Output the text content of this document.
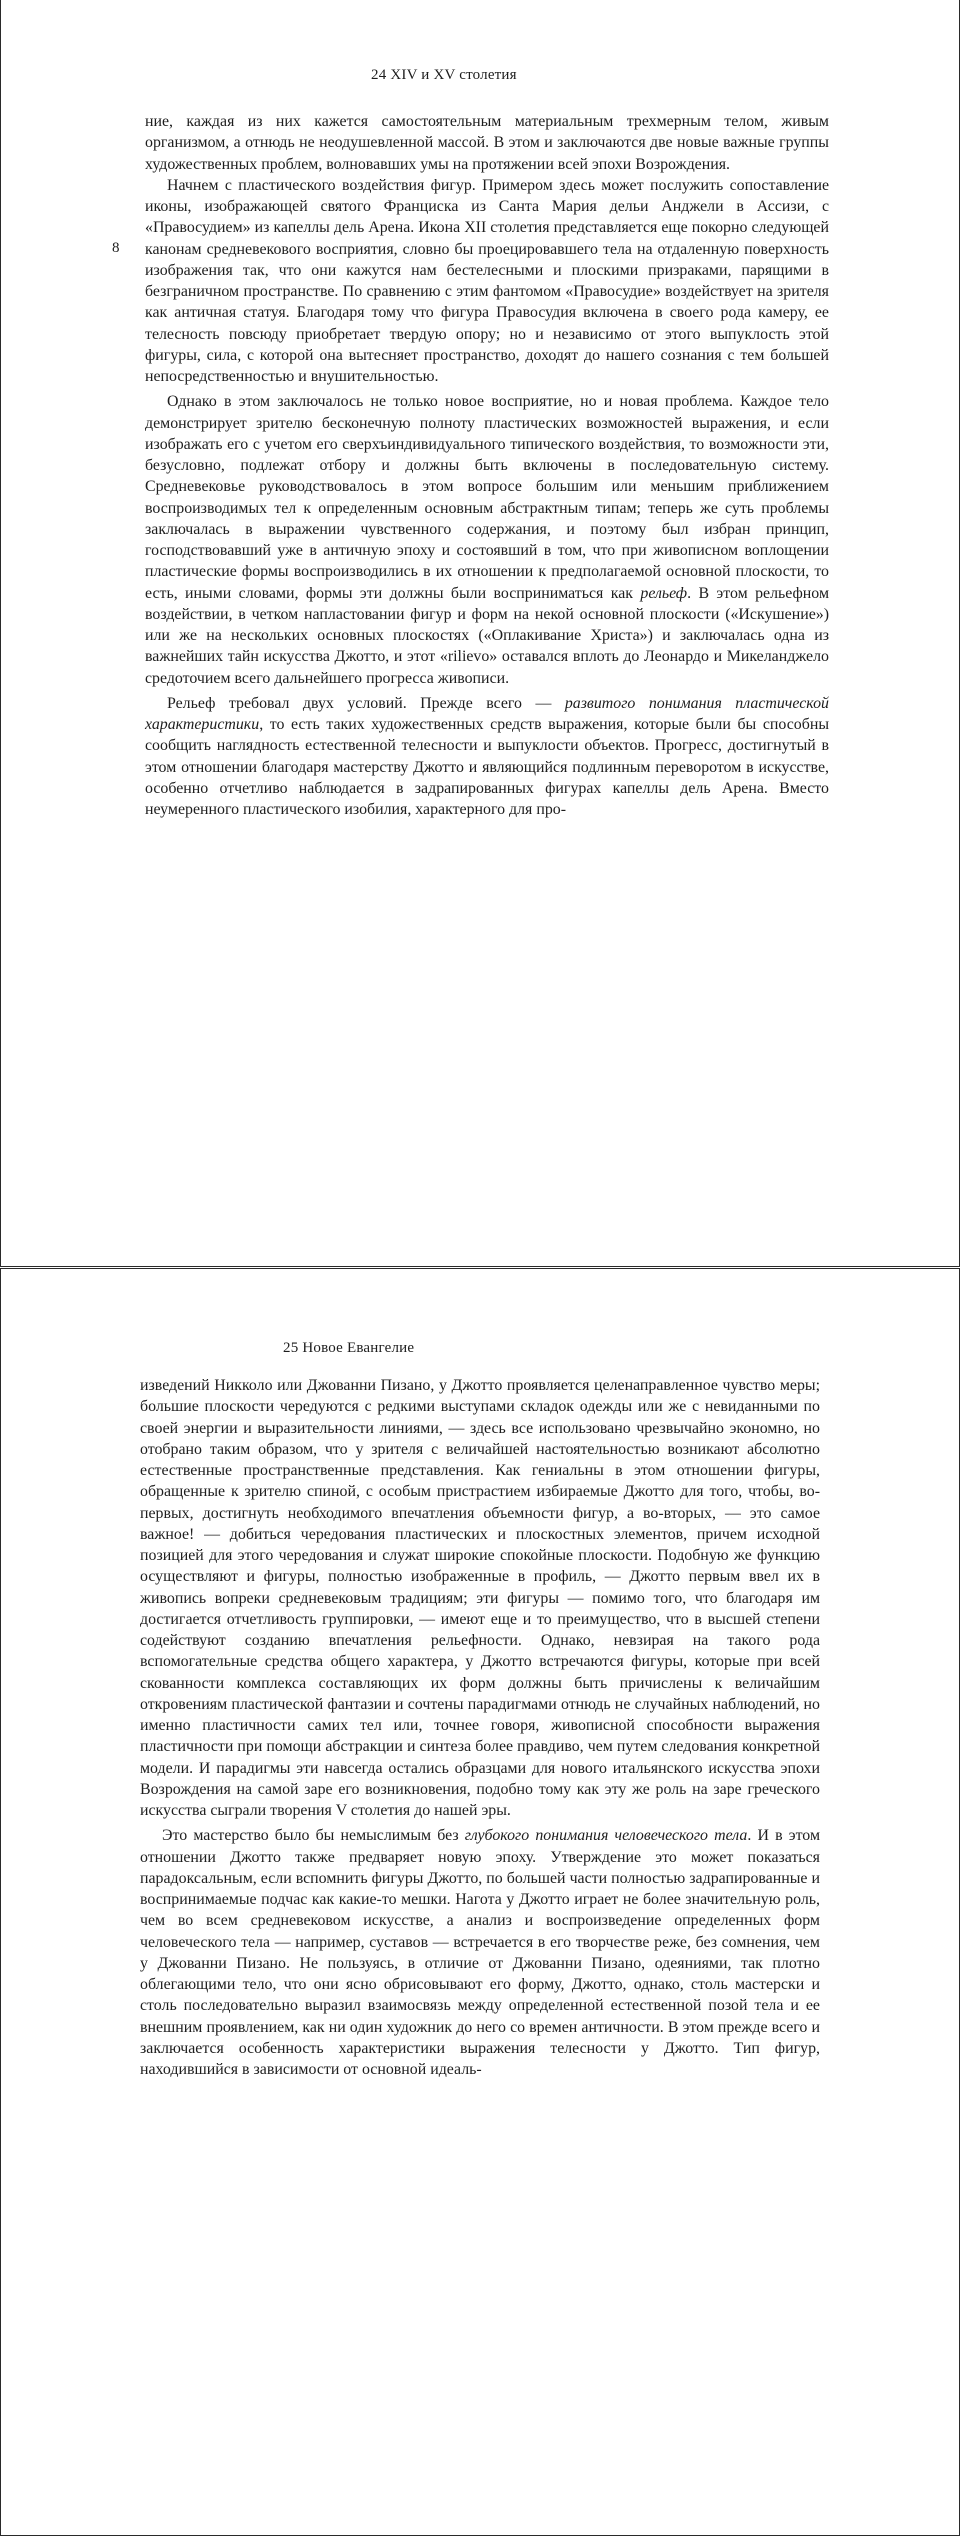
24 XIV и XV столетия
8

ние, каждая из них кажется самостоятельным материальным трехмерным телом, живым организмом, а отнюдь не неодушевленной массой. В этом и заключаются две новые важные группы художественных проблем, волновавших умы на протяжении всей эпохи Возрождения.

Начнем с пластического воздействия фигур. Примером здесь может послужить сопоставление иконы, изображающей святого Франциска из Санта Мария дельи Анджели в Ассизи, с «Правосудием» из капеллы дель Арена. Икона XII столетия представляется еще покорно следующей канонам средневекового восприятия, словно бы проецировавшего тела на отдаленную поверхность изображения так, что они кажутся нам бестелесными и плоскими призраками, парящими в безграничном пространстве. По сравнению с этим фантомом «Правосудие» воздействует на зрителя как античная статуя. Благодаря тому что фигура Правосудия включена в своего рода камеру, ее телесность повсюду приобретает твердую опору; но и независимо от этого выпуклость этой фигуры, сила, с которой она вытесняет пространство, доходят до нашего сознания с тем большей непосредственностью и внушительностью.

Однако в этом заключалось не только новое восприятие, но и новая проблема. Каждое тело демонстрирует зрителю бесконечную полноту пластических возможностей выражения, и если изображать его с учетом его сверхъиндивидуального типического воздействия, то возможности эти, безусловно, подлежат отбору и должны быть включены в последовательную систему. Средневековье руководствовалось в этом вопросе большим или меньшим приближением воспроизводимых тел к определенным основным абстрактным типам; теперь же суть проблемы заключалась в выражении чувственного содержания, и поэтому был избран принцип, господствовавший уже в античную эпоху и состоявший в том, что при живописном воплощении пластические формы воспроизводились в их отношении к предполагаемой основной плоскости, то есть, иными словами, формы эти должны были восприниматься как рельеф. В этом рельефном воздействии, в четком напластовании фигур и форм на некой основной плоскости («Искушение») или же на нескольких основных плоскостях («Оплакивание Христа») и заключалась одна из важнейших тайн искусства Джотто, и этот «rilievo» оставался вплоть до Леонардо и Микеланджело средоточием всего дальнейшего прогресса живописи.

Рельеф требовал двух условий. Прежде всего — развитого понимания пластической характеристики, то есть таких художественных средств выражения, которые были бы способны сообщить наглядность естественной телесности и выпуклости объектов. Прогресс, достигнутый в этом отношении благодаря мастерству Джотто и являющийся подлинным переворотом в искусстве, особенно отчетливо наблюдается в задрапированных фигурах капеллы дель Арена. Вместо неумеренного пластического изобилия, характерного для про-

25 Новое Евангелие

изведений Никколо или Джованни Пизано, у Джотто проявляется целенаправленное чувство меры; большие плоскости чередуются с редкими выступами складок одежды или же с невиданными по своей энергии и выразительности линиями, — здесь все использовано чрезвычайно экономно, но отобрано таким образом, что у зрителя с величайшей настоятельностью возникают абсолютно естественные пространственные представления. Как гениальны в этом отношении фигуры, обращенные к зрителю спиной, с особым пристрастием избираемые Джотто для того, чтобы, во-первых, достигнуть необходимого впечатления объемности фигур, а во-вторых, — это самое важное! — добиться чередования пластических и плоскостных элементов, причем исходной позицией для этого чередования и служат широкие спокойные плоскости. Подобную же функцию осуществляют и фигуры, полностью изображенные в профиль, — Джотто первым ввел их в живопись вопреки средневековым традициям; эти фигуры — помимо того, что благодаря им достигается отчетливость группировки, — имеют еще и то преимущество, что в высшей степени содействуют созданию впечатления рельефности. Однако, невзирая на такого рода вспомогательные средства общего характера, у Джотто встречаются фигуры, которые при всей скованности комплекса составляющих их форм должны быть причислены к величайшим откровениям пластической фантазии и сочтены парадигмами отнюдь не случайных наблюдений, но именно пластичности самих тел или, точнее говоря, живописной способности выражения пластичности при помощи абстракции и синтеза более правдиво, чем путем следования конкретной модели. И парадигмы эти навсегда остались образцами для нового итальянского искусства эпохи Возрождения на самой заре его возникновения, подобно тому как эту же роль на заре греческого искусства сыграли творения V столетия до нашей эры.

Это мастерство было бы немыслимым без глубокого понимания человеческого тела. И в этом отношении Джотто также предваряет новую эпоху. Утверждение это может показаться парадоксальным, если вспомнить фигуры Джотто, по большей части полностью задрапированные и воспринимаемые подчас как какие-то мешки. Нагота у Джотто играет не более значительную роль, чем во всем средневековом искусстве, а анализ и воспроизведение определенных форм человеческого тела — например, суставов — встречается в его творчестве реже, без сомнения, чем у Джованни Пизано. Не пользуясь, в отличие от Джованни Пизано, одеяниями, так плотно облегающими тело, что они ясно обрисовывают его форму, Джотто, однако, столь мастерски и столь последовательно выразил взаимосвязь между определенной естественной позой тела и ее внешним проявлением, как ни один художник до него со времен античности. В этом прежде всего и заключается особенность характеристики выражения телесности у Джотто. Тип фигур, находившийся в зависимости от основной идеаль-
